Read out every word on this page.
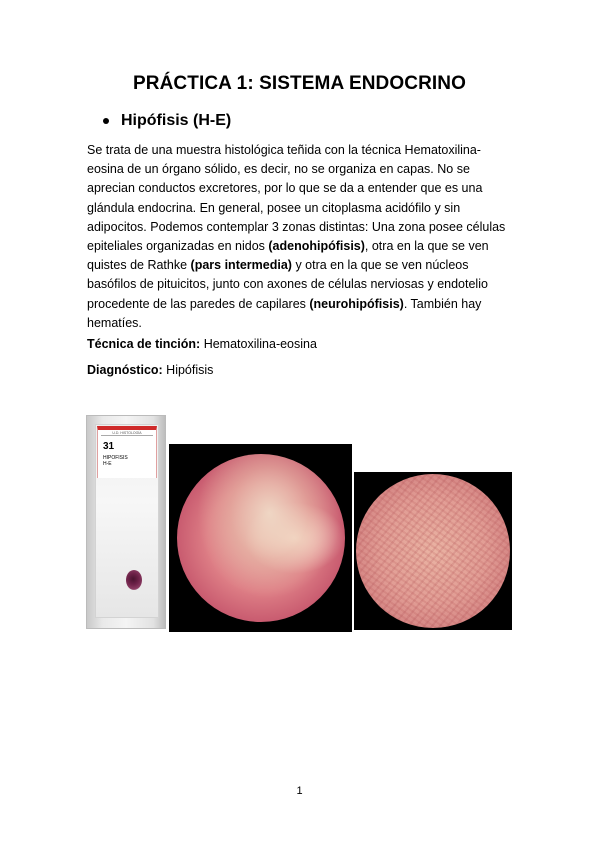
PRÁCTICA 1: SISTEMA ENDOCRINO
Hipófisis (H-E)

Se trata de una muestra histológica teñida con la técnica Hematoxilina-eosina de un órgano sólido, es decir, no se organiza en capas. No se aprecian conductos excretores, por lo que se da a entender que es una glándula endocrina. En general, posee un citoplasma acidófilo y sin adipocitos. Podemos contemplar 3 zonas distintas: Una zona posee células epiteliales organizadas en nidos (adenohipófisis), otra en la que se ven quistes de Rathke (pars intermedia) y otra en la que se ven núcleos basófilos de pituicitos, junto con axones de células nerviosas y endotelio procedente de las paredes de capilares (neurohipófisis). También hay hematíes.

Técnica de tinción: Hematoxilina-eosina
Diagnóstico: Hipófisis
U.D. HISTOLOGÍA
31
HIPOFISIS
H-E
1
